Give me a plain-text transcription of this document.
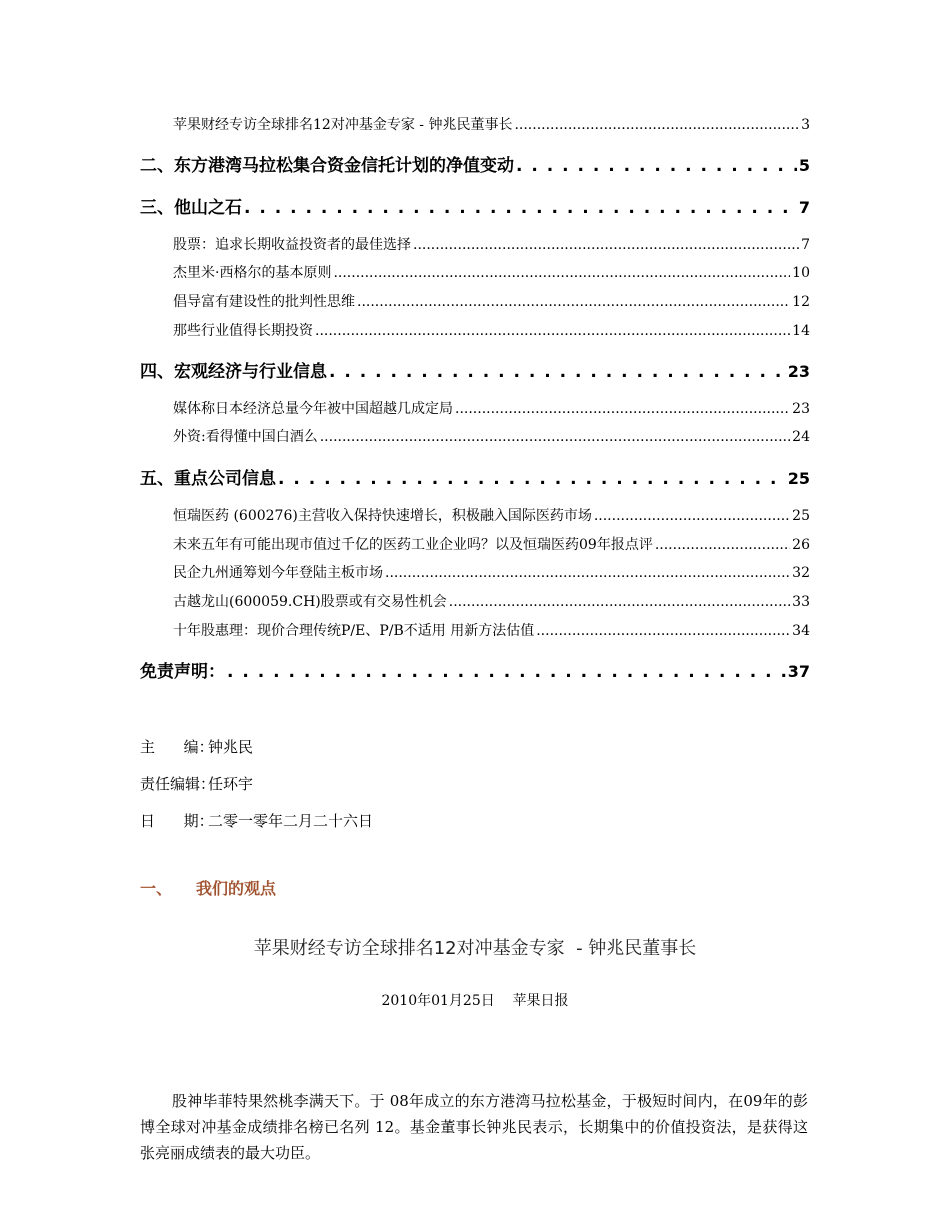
苹果财经专访全球排名12对冲基金专家 - 钟兆民董事长 .....	3
二、东方港湾马拉松集合资金信托计划的净值变动 . . .	5
三、他山之石 . . .	7
股票：追求长期收益投资者的最佳选择 .....	7
杰里米·西格尔的基本原则 .....	10
倡导富有建设性的批判性思维 .....	12
那些行业值得长期投资 .....	14
四、宏观经济与行业信息 . . .	23
媒体称日本经济总量今年被中国超越几成定局 .....	23
外资:看得懂中国白酒么 .....	24
五、重点公司信息 . . .	25
恒瑞医药 (600276)主营收入保持快速增长，积极融入国际医药市场 .....	25
未来五年有可能出现市值过千亿的医药工业企业吗？以及恒瑞医药09年报点评 .....	26
民企九州通筹划今年登陆主板市场 .....	32
古越龙山(600059.CH)股票或有交易性机会 .....	33
十年股惠理：现价合理传统P/E、P/B不适用 用新方法估值 .....	34
免责声明： . . .	37
主      编：钟兆民
责任编辑：任环宇
日      期：二零一零年二月二十六日
一、 我们的观点
苹果财经专访全球排名12对冲基金专家  - 钟兆民董事长
2010年01月25日    苹果日报
股神毕菲特果然桃李满天下。于 08年成立的东方港湾马拉松基金，于极短时间内，在09年的彭博全球对冲基金成绩排名榜已名列 12。基金董事长钟兆民表示，长期集中的价值投资法，是获得这张亮丽成绩表的最大功臣。
